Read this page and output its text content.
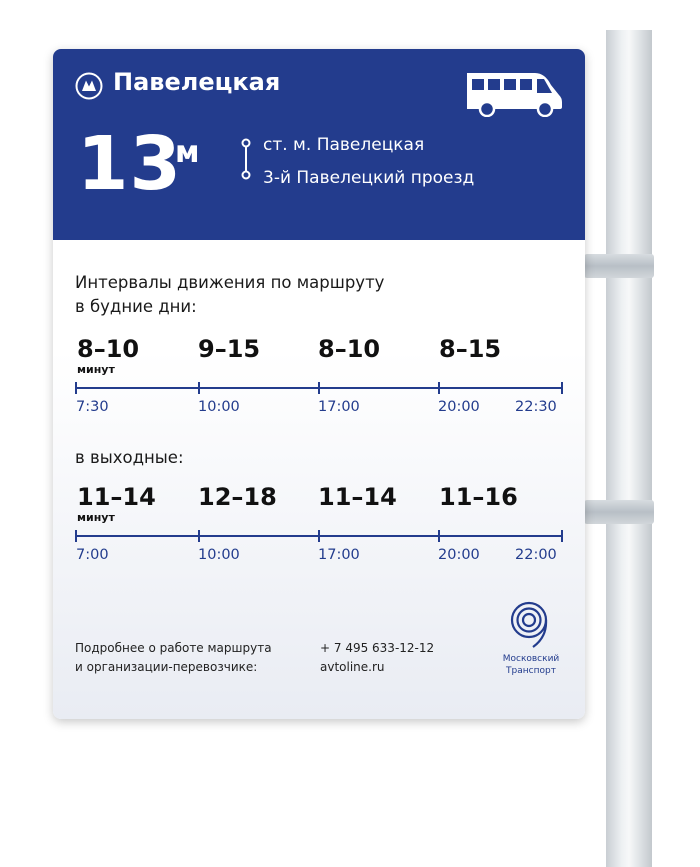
Павелецкая
13
м	ст. м. Павелецкая
3-й Павелецкий проезд
Интервалы движения по маршруту
в будние дни:
8–10 9–15 8–10 8–15
минут
7:30	10:00	17:00	20:00 22:30
в выходные:
11–14 12–18 11–14 11–16
минут
7:00	10:00	17:00	20:00 22:00
Подробнее о работе маршрута
и организации-перевозчике:
+ 7 495 633-12-12
avtoline.ru
Московский
Транспорт
